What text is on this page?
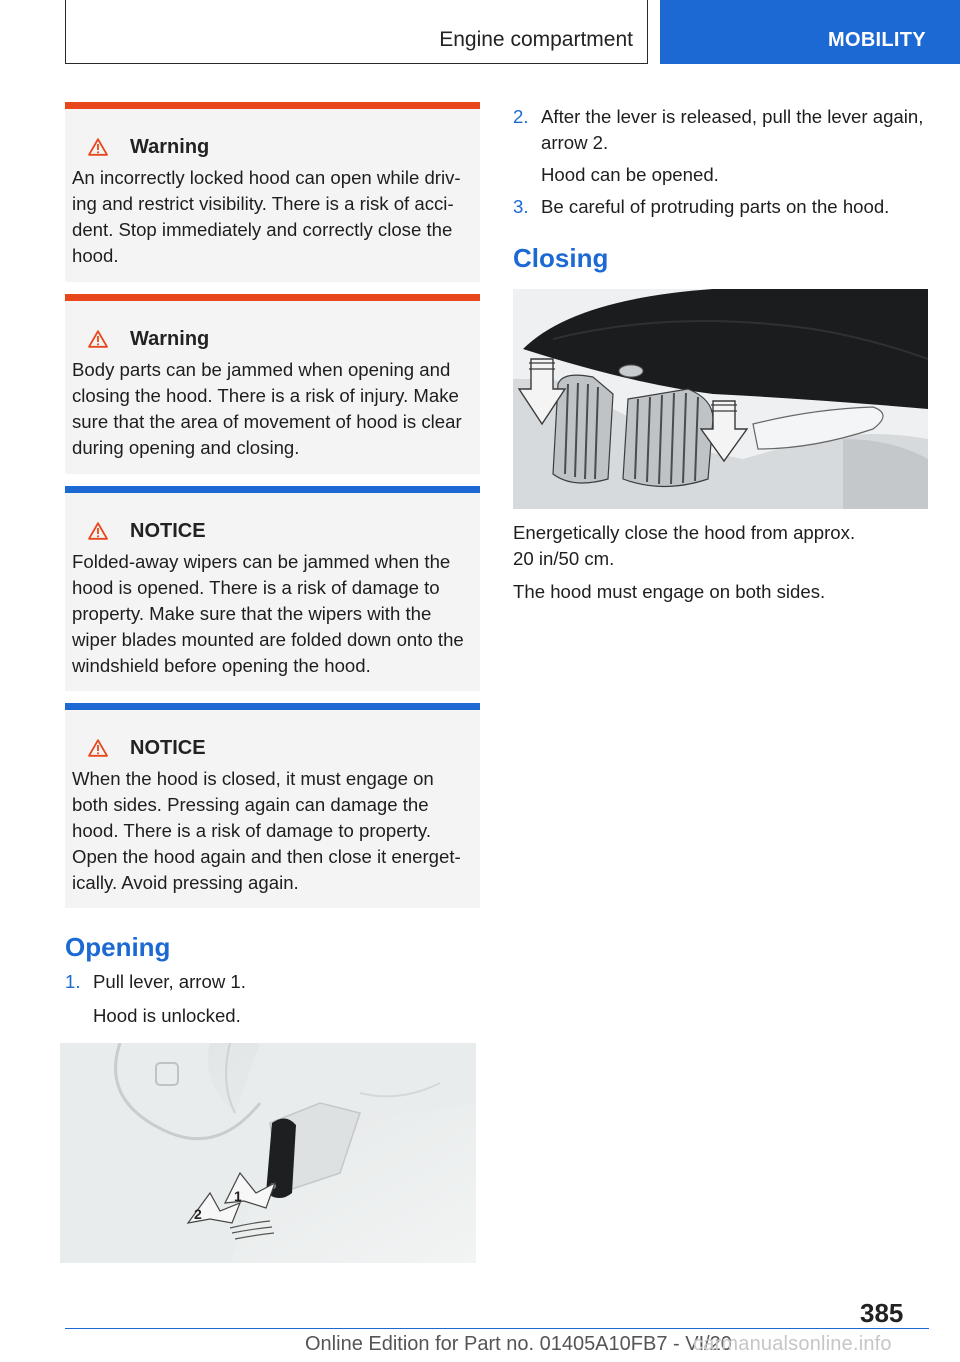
Engine compartment	MOBILITY
Warning
An incorrectly locked hood can open while driving and restrict visibility. There is a risk of accident. Stop immediately and correctly close the hood.
Warning
Body parts can be jammed when opening and closing the hood. There is a risk of injury. Make sure that the area of movement of hood is clear during opening and closing.
NOTICE
Folded-away wipers can be jammed when the hood is opened. There is a risk of damage to property. Make sure that the wipers with the wiper blades mounted are folded down onto the windshield before opening the hood.
NOTICE
When the hood is closed, it must engage on both sides. Pressing again can damage the hood. There is a risk of damage to property. Open the hood again and then close it energetically. Avoid pressing again.
Opening
1. Pull lever, arrow 1.
Hood is unlocked.
2
1
2. After the lever is released, pull the lever again, arrow 2.
Hood can be opened.
3. Be careful of protruding parts on the hood.
Closing
Energetically close the hood from approx. 20 in/50 cm.
The hood must engage on both sides.
385
Online Edition for Part no. 01405A10FB7 - VI/20
carmanualsonline.info
